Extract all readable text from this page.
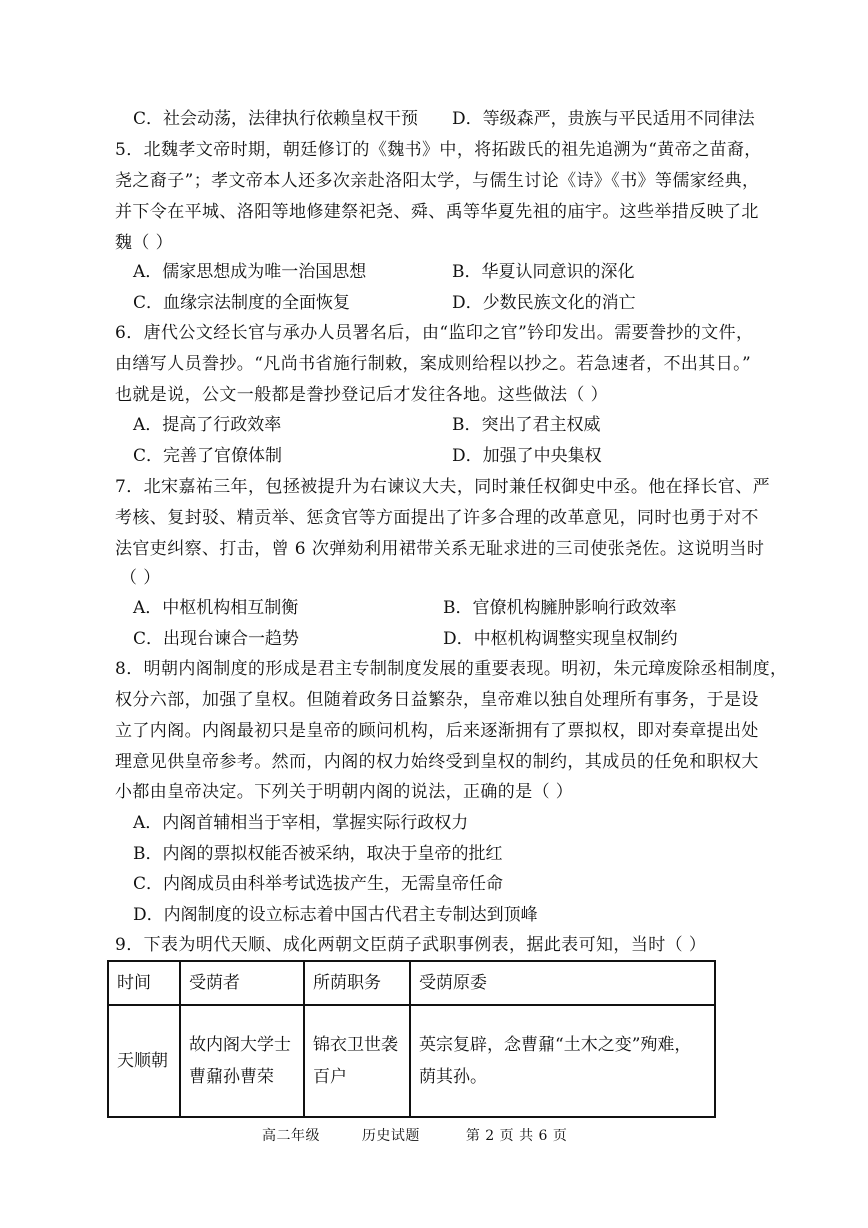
C．社会动荡，法律执行依赖皇权干预 D．等级森严，贵族与平民适用不同律法
5．北魏孝文帝时期，朝廷修订的《魏书》中，将拓跋氏的祖先追溯为“黄帝之苗裔，
尧之裔子”；孝文帝本人还多次亲赴洛阳太学，与儒生讨论《诗》《书》等儒家经典，
并下令在平城、洛阳等地修建祭祀尧、舜、禹等华夏先祖的庙宇。这些举措反映了北
魏（ ）
A．儒家思想成为唯一治国思想	B．华夏认同意识的深化
C．血缘宗法制度的全面恢复	D．少数民族文化的消亡
6．唐代公文经长官与承办人员署名后，由“监印之官”钤印发出。需要誊抄的文件，
由缮写人员誊抄。“凡尚书省施行制敕，案成则给程以抄之。若急速者，不出其日。”
也就是说，公文一般都是誊抄登记后才发往各地。这些做法（ ）
A．提高了行政效率	B．突出了君主权威
C．完善了官僚体制	D．加强了中央集权
7．北宋嘉祐三年，包拯被提升为右谏议大夫，同时兼任权御史中丞。他在择长官、严
考核、复封驳、精贡举、惩贪官等方面提出了许多合理的改革意见，同时也勇于对不
法官吏纠察、打击，曾 6 次弹劾利用裙带关系无耻求进的三司使张尧佐。这说明当时
（ ）
A．中枢机构相互制衡	B．官僚机构臃肿影响行政效率
C．出现台谏合一趋势	D．中枢机构调整实现皇权制约
8．明朝内阁制度的形成是君主专制制度发展的重要表现。明初，朱元璋废除丞相制度，
权分六部，加强了皇权。但随着政务日益繁杂，皇帝难以独自处理所有事务，于是设
立了内阁。内阁最初只是皇帝的顾问机构，后来逐渐拥有了票拟权，即对奏章提出处
理意见供皇帝参考。然而，内阁的权力始终受到皇权的制约，其成员的任免和职权大
小都由皇帝决定。下列关于明朝内阁的说法，正确的是（ ）
A．内阁首辅相当于宰相，掌握实际行政权力
B．内阁的票拟权能否被采纳，取决于皇帝的批红
C．内阁成员由科举考试选拔产生，无需皇帝任命
D．内阁制度的设立标志着中国古代君主专制达到顶峰
9．下表为明代天顺、成化两朝文臣荫子武职事例表，据此表可知，当时（ ）
时间	受荫者	所荫职务	受荫原委
天顺朝	故内阁大学士曹鼐孙曹荣	锦衣卫世袭百户	英宗复辟，念曹鼐“土木之变”殉难，荫其孙。
高二年级	历史试题	第 2 页 共 6 页
